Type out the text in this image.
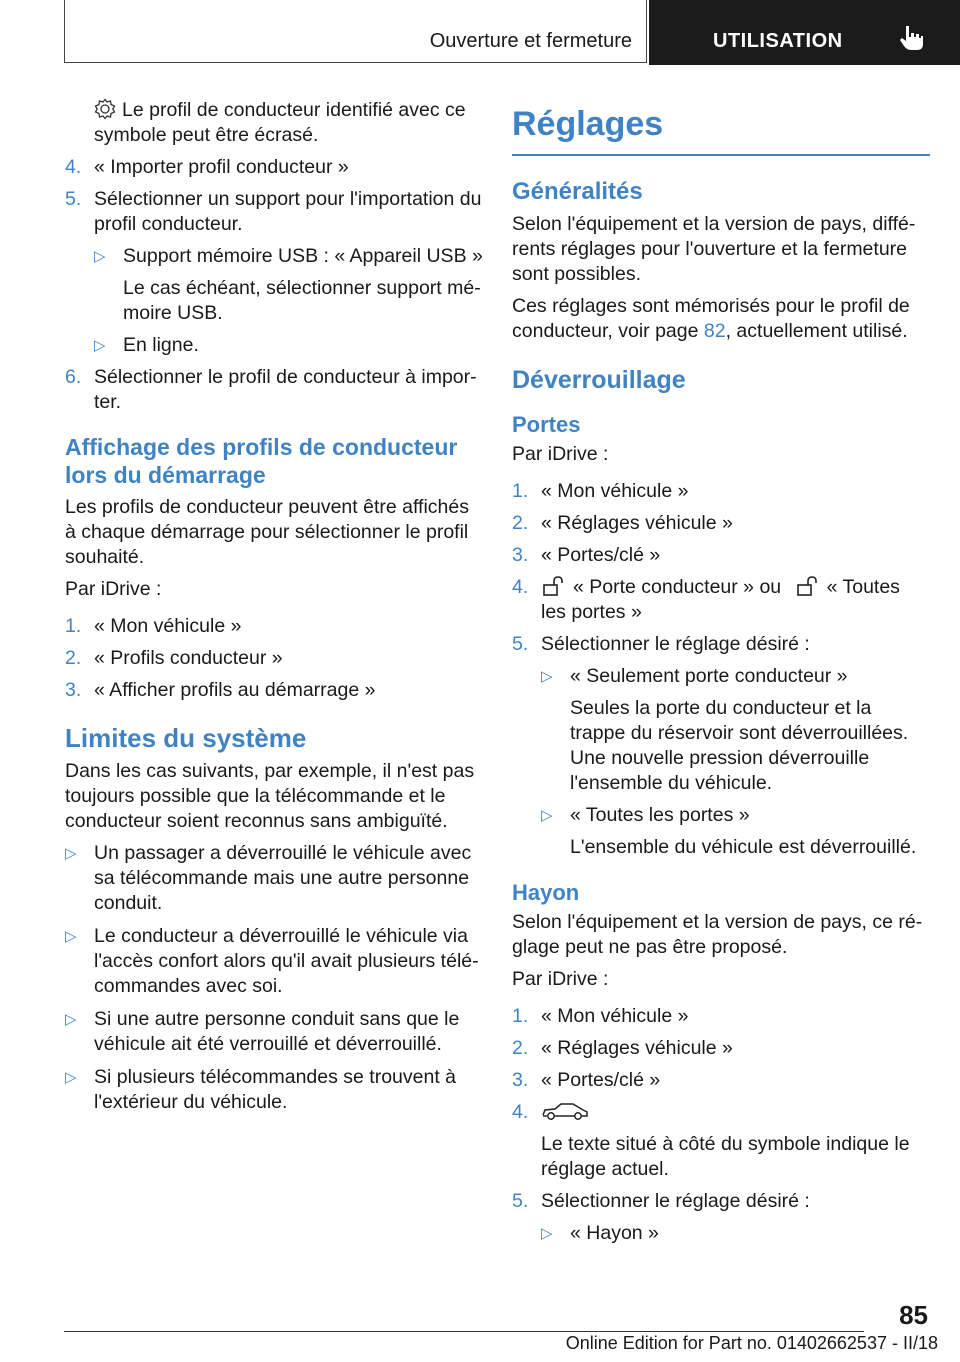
Ouverture et fermeture	UTILISATION

Le profil de conducteur identifié avec ce symbole peut être écrasé.

4. « Importer profil conducteur »
5. Sélectionner un support pour l'importation du profil conducteur.
▷ Support mémoire USB : « Appareil USB »

Le cas échéant, sélectionner support mémoire USB.

▷ En ligne.
6. Sélectionner le profil de conducteur à importer.
Affichage des profils de conducteur lors du démarrage

Les profils de conducteur peuvent être affichés à chaque démarrage pour sélectionner le profil souhaité.

Par iDrive :

1. « Mon véhicule »
2. « Profils conducteur »
3. « Afficher profils au démarrage »
Limites du système

Dans les cas suivants, par exemple, il n'est pas toujours possible que la télécommande et le conducteur soient reconnus sans ambiguïté.

▷ Un passager a déverrouillé le véhicule avec sa télécommande mais une autre personne conduit.
▷ Le conducteur a déverrouillé le véhicule via l'accès confort alors qu'il avait plusieurs télécommandes avec soi.
▷ Si une autre personne conduit sans que le véhicule ait été verrouillé et déverrouillé.
▷ Si plusieurs télécommandes se trouvent à l'extérieur du véhicule.
Réglages
Généralités

Selon l'équipement et la version de pays, différents réglages pour l'ouverture et la fermeture sont possibles.

Ces réglages sont mémorisés pour le profil de conducteur, voir page 82, actuellement utilisé.

Déverrouillage
Portes

Par iDrive :

1. « Mon véhicule »
2. « Réglages véhicule »
3. « Portes/clé »
4. « Porte conducteur » ou « Toutes les portes »
5. Sélectionner le réglage désiré :
▷ « Seulement porte conducteur »

Seules la porte du conducteur et la trappe du réservoir sont déverrouillées. Une nouvelle pression déverrouille l'ensemble du véhicule.

▷ « Toutes les portes »

L'ensemble du véhicule est déverrouillé.

Hayon

Selon l'équipement et la version de pays, ce réglage peut ne pas être proposé.

Par iDrive :

1. « Mon véhicule »
2. « Réglages véhicule »
3. « Portes/clé »
4.

Le texte situé à côté du symbole indique le réglage actuel.

5. Sélectionner le réglage désiré :
▷ « Hayon »
85
Online Edition for Part no. 01402662537 - II/18
